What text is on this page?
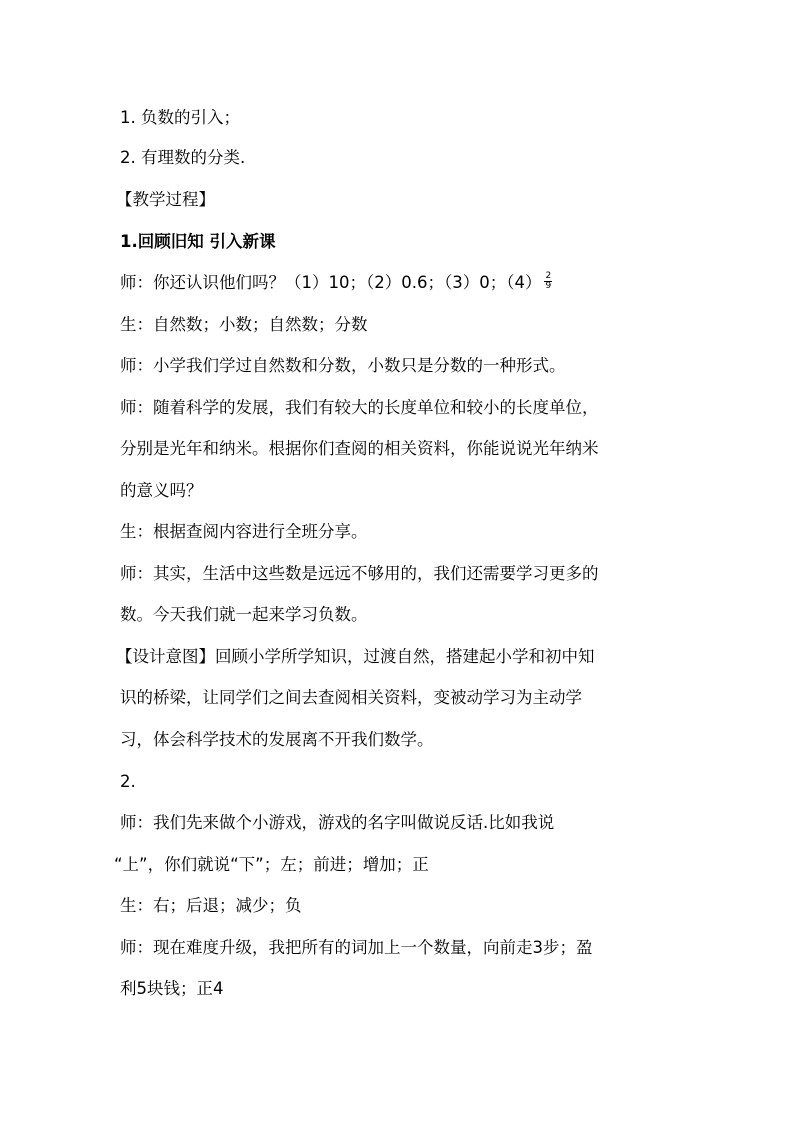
1. 负数的引入；
2. 有理数的分类.
【教学过程】
1.回顾旧知 引入新课
师：你还认识他们吗？（1）10；（2）0.6；（3）0；$(4) \frac{2}{9}$
生：自然数；小数；自然数；分数
师：小学我们学过自然数和分数，小数只是分数的一种形式。
师：随着科学的发展，我们有较大的长度单位和较小的长度单位，
分别是光年和纳米。根据你们查阅的相关资料，你能说说光年纳米
的意义吗？
生：根据查阅内容进行全班分享。
师：其实，生活中这些数是远远不够用的，我们还需要学习更多的
数。今天我们就一起来学习负数。
【设计意图】回顾小学所学知识，过渡自然，搭建起小学和初中知
识的桥梁，让同学们之间去查阅相关资料，变被动学习为主动学
习，体会科学技术的发展离不开我们数学。
2.
师：我们先来做个小游戏，游戏的名字叫做说反话.比如我说
“上”，你们就说“下”；左；前进；增加；正
生：右；后退；减少；负
师：现在难度升级，我把所有的词加上一个数量，向前走3步；盈
利5块钱；正4
